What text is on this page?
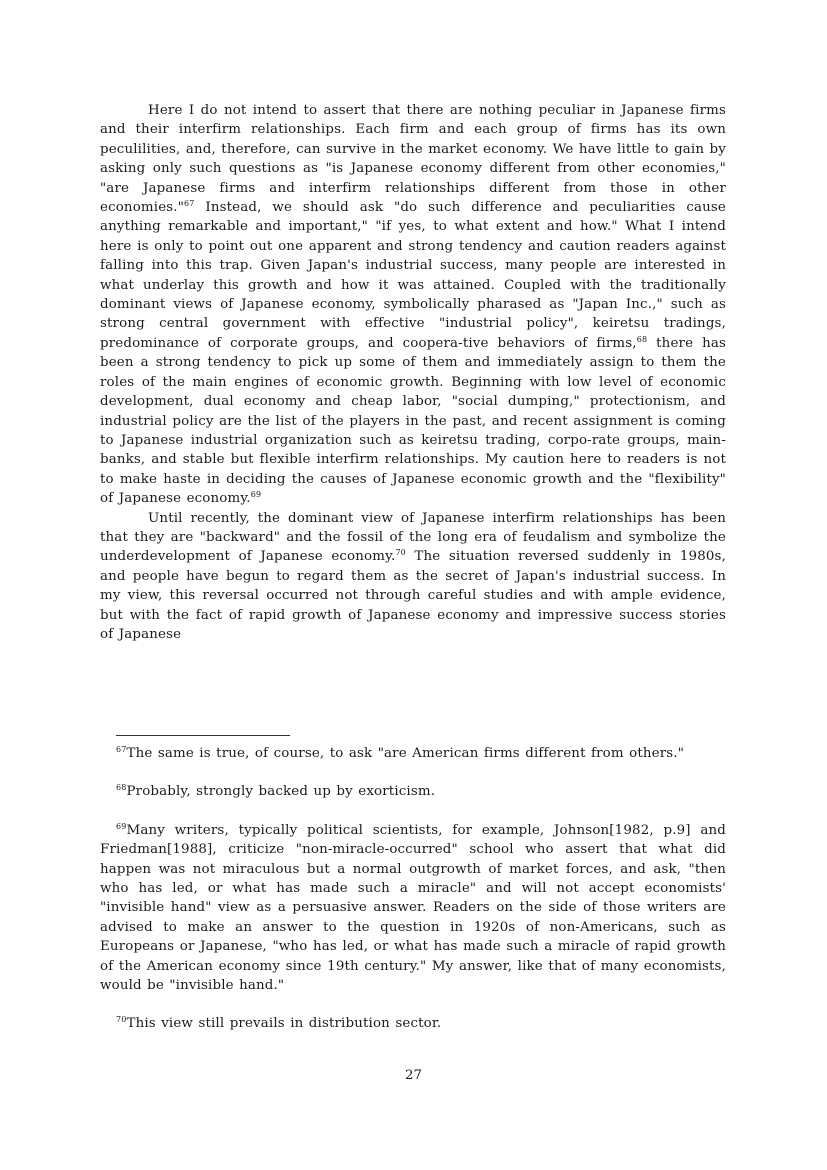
Here I do not intend to assert that there are nothing peculiar in Japanese firms and their interfirm relationships. Each firm and each group of firms has its own peculilities, and, therefore, can survive in the market economy. We have little to gain by asking only such questions as "is Japanese economy different from other economies," "are Japanese firms and interfirm relationships different from those in other economies."$^{67}$ Instead, we should ask "do such difference and peculiarities cause anything remarkable and important," "if yes, to what extent and how." What I intend here is only to point out one apparent and strong tendency and caution readers against falling into this trap. Given Japan's industrial success, many people are interested in what underlay this growth and how it was attained. Coupled with the traditionally dominant views of Japanese economy, symbolically pharased as "Japan Inc.," such as strong central government with effective "industrial policy", keiretsu tradings, predominance of corporate groups, and coopera-tive behaviors of firms,$^{68}$ there has been a strong tendency to pick up some of them and immediately assign to them the roles of the main engines of economic growth. Beginning with low level of economic development, dual economy and cheap labor, "social dumping," protectionism, and industrial policy are the list of the players in the past, and recent assignment is coming to Japanese industrial organization such as keiretsu trading, corpo-rate groups, main-banks, and stable but flexible interfirm relationships. My caution here to readers is not to make haste in deciding the causes of Japanese economic growth and the "flexibility" of Japanese economy.$^{69}$

Until recently, the dominant view of Japanese interfirm relationships has been that they are "backward" and the fossil of the long era of feudalism and symbolize the underdevelopment of Japanese economy.$^{70}$ The situation reversed suddenly in 1980s, and people have begun to regard them as the secret of Japan's industrial success. In my view, this reversal occurred not through careful studies and with ample evidence, but with the fact of rapid growth of Japanese economy and impressive success stories of Japanese

$^{67}$The same is true, of course, to ask "are American firms different from others."

$^{68}$Probably, strongly backed up by exorticism.

$^{69}$Many writers, typically political scientists, for example, Johnson[1982, p.9] and Friedman[1988], criticize "non-miracle-occurred" school who assert that what did happen was not miraculous but a normal outgrowth of market forces, and ask, "then who has led, or what has made such a miracle" and will not accept economists' "invisible hand" view as a persuasive answer. Readers on the side of those writers are advised to make an answer to the question in 1920s of non-Americans, such as Europeans or Japanese, "who has led, or what has made such a miracle of rapid growth of the American economy since 19th century." My answer, like that of many economists, would be "invisible hand."

$^{70}$This view still prevails in distribution sector.

27
